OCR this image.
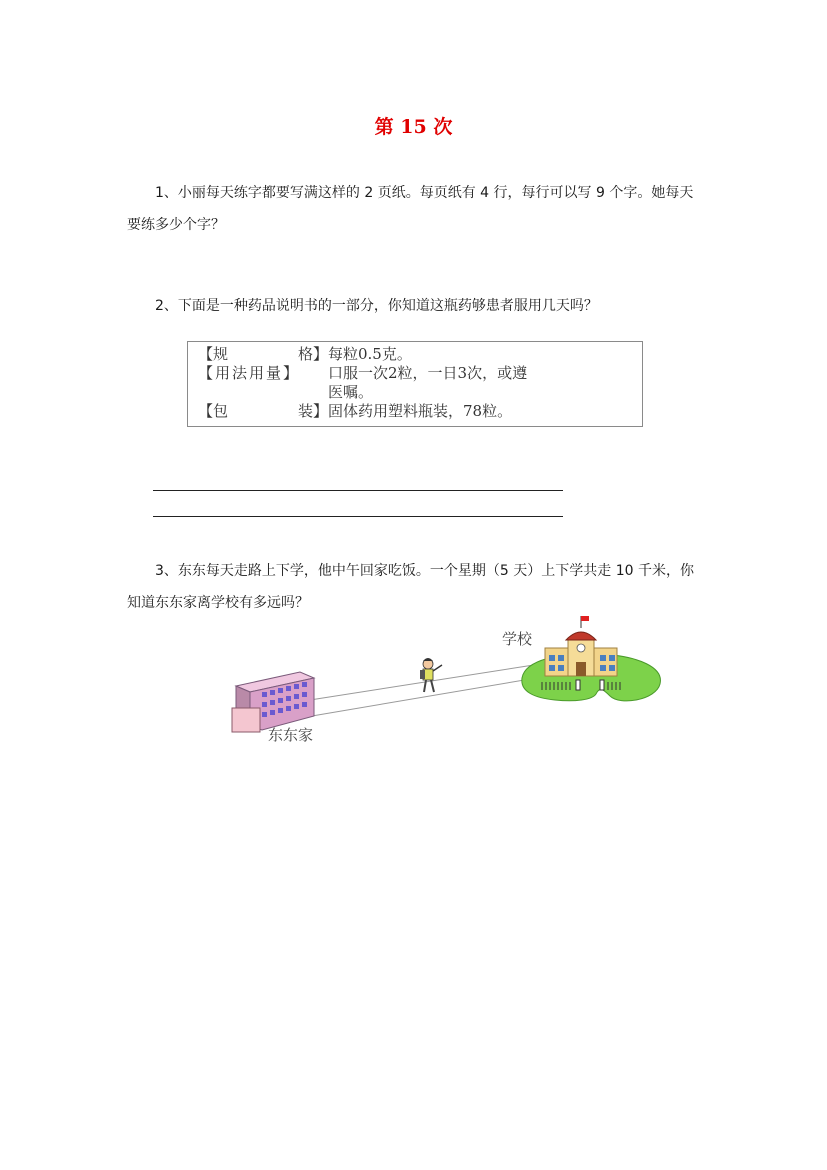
第 15 次
1、小丽每天练字都要写满这样的 2 页纸。每页纸有 4 行，每行可以写 9 个字。她每天
要练多少个字？
2、下面是一种药品说明书的一部分，你知道这瓶药够患者服用几天吗？
【规	格】 每粒0.5克。
【用法用量】 口服一次2粒，一日3次，或遵
医嘱。
【包	装】 固体药用塑料瓶装，78粒。
3、东东每天走路上下学，他中午回家吃饭。一个星期（5 天）上下学共走 10 千米，你
知道东东家离学校有多远吗？
学校
东东家
